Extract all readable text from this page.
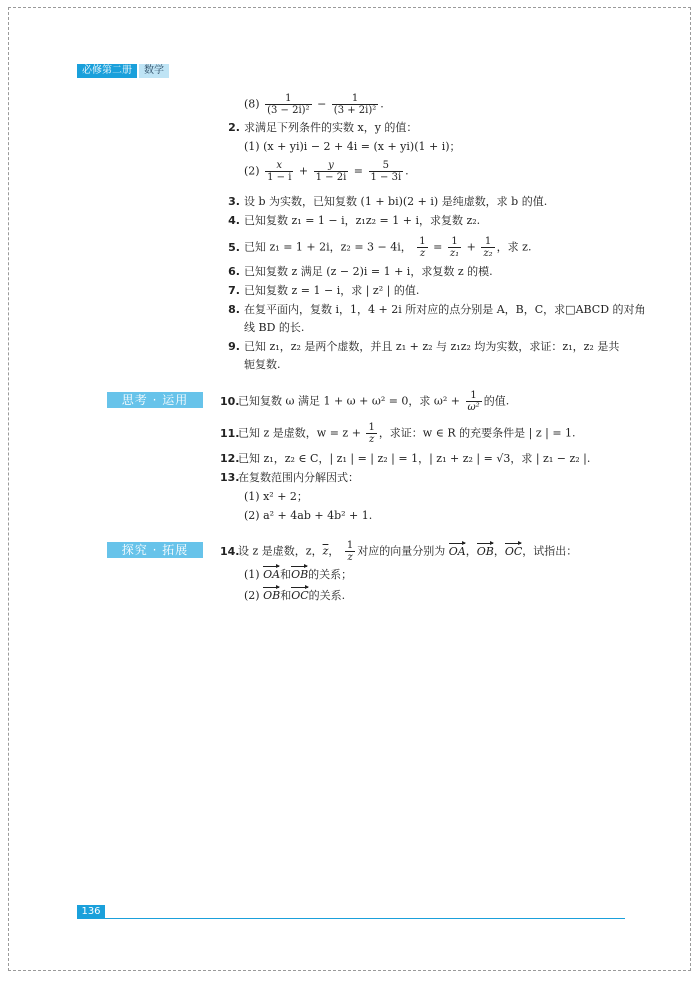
必修第二册	数学
$(8) \frac{1}{\text{(3 − 2i)²}} - \frac{1}{\text{(3 + 2i)²}}$ .
2. 求满足下列条件的实数 x，y 的值：
(1) (x + yi)i − 2 + 4i = (x + yi)(1 + i)；
$(2) \frac{x}{1 - i} + \frac{y}{1 - 2i} = \frac{5}{1 - 3i}$ .
3. 设 b 为实数，已知复数 (1 + bi)(2 + i) 是纯虚数，求 b 的值.
4. 已知复数 z₁ = 1 − i，z₁z₂ = 1 + i，求复数 z₂.
5. 已知 z₁ = 1 + 2i，z₂ = 3 − 4i， $\frac{1}{z} = \frac{1}{\text{z₁}} + \frac{1}{\text{z₂}}$ ，求 z.
6. 已知复数 z 满足 (z − 2)i = 1 + i，求复数 z 的模.
7. 已知复数 z = 1 − i，求 | z² | 的值.
8. 在复平面内，复数 i，1，4 + 2i 所对应的点分别是 A，B，C，求□ABCD 的对角
线 BD 的长.
9. 已知 z₁，z₂ 是两个虚数，并且 z₁ + z₂ 与 z₁z₂ 均为实数，求证：z₁，z₂ 是共
轭复数.
思考 · 运用	10.已知复数 ω 满足 1 + ω + ω² = 0，求 $\omega^2 + \frac{1}{\text{ω²}}$ 的值.
11.已知 z 是虚数，$w = z + \frac{1}{z}$ ，求证：w ∈ R 的充要条件是 | z | = 1.
12.已知 z₁，z₂ ∈ C，| z₁ | = | z₂ | = 1，| z₁ + z₂ | = √3，求 | z₁ − z₂ |.
13.在复数范围内分解因式：
(1) x² + 2；
(2) a² + 4ab + 4b² + 1.
探究 · 拓展	14.设 z 是虚数，z，$\overline{z}$， $\frac{1}{z}$ 对应的向量分别为 OA，OB，OC，试指出：
(1) OA和OB的关系；
(2) OB和OC的关系.
136
